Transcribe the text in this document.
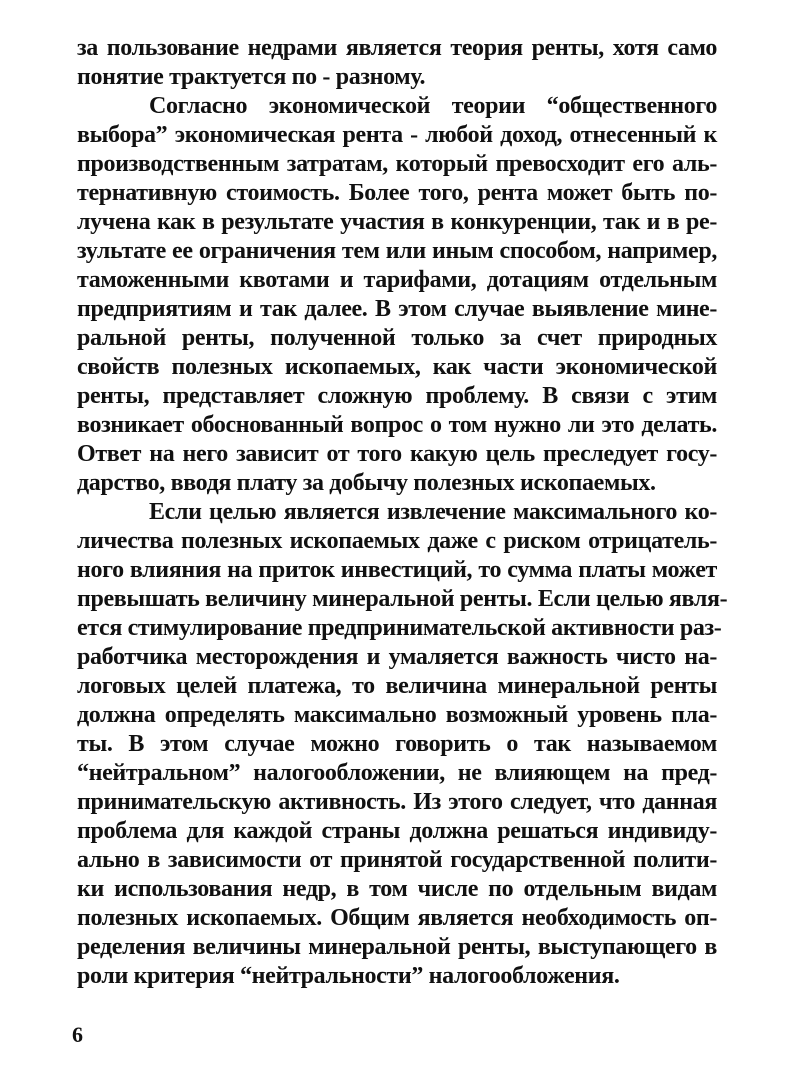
за пользование недрами является теория ренты, хотя само
понятие трактуется по - разному.
Согласно экономической теории “общественного
выбора” экономическая рента - любой доход, отнесенный к
производственным затратам, который превосходит его аль-
тернативную стоимость. Более того, рента может быть по-
лучена как в результате участия в конкуренции, так и в ре-
зультате ее ограничения тем или иным способом, например,
таможенными квотами и тарифами, дотациям отдельным
предприятиям и так далее. В этом случае выявление мине-
ральной ренты, полученной только за счет природных
свойств полезных ископаемых, как части экономической
ренты, представляет сложную проблему. В связи с этим
возникает обоснованный вопрос о том нужно ли это делать.
Ответ на него зависит от того какую цель преследует госу-
дарство, вводя плату за добычу полезных ископаемых.
Если целью является извлечение максимального ко-
личества полезных ископаемых даже с риском отрицатель-
ного влияния на приток инвестиций, то сумма платы может
превышать величину минеральной ренты. Если целью явля-
ется стимулирование предпринимательской активности раз-
работчика месторождения и умаляется важность чисто на-
логовых целей платежа, то величина минеральной ренты
должна определять максимально возможный уровень пла-
ты. В этом случае можно говорить о так называемом
“нейтральном” налогообложении, не влияющем на пред-
принимательскую активность. Из этого следует, что данная
проблема для каждой страны должна решаться индивиду-
ально в зависимости от принятой государственной полити-
ки использования недр, в том числе по отдельным видам
полезных ископаемых. Общим является необходимость оп-
ределения величины минеральной ренты, выступающего в
роли критерия “нейтральности” налогообложения.
6
